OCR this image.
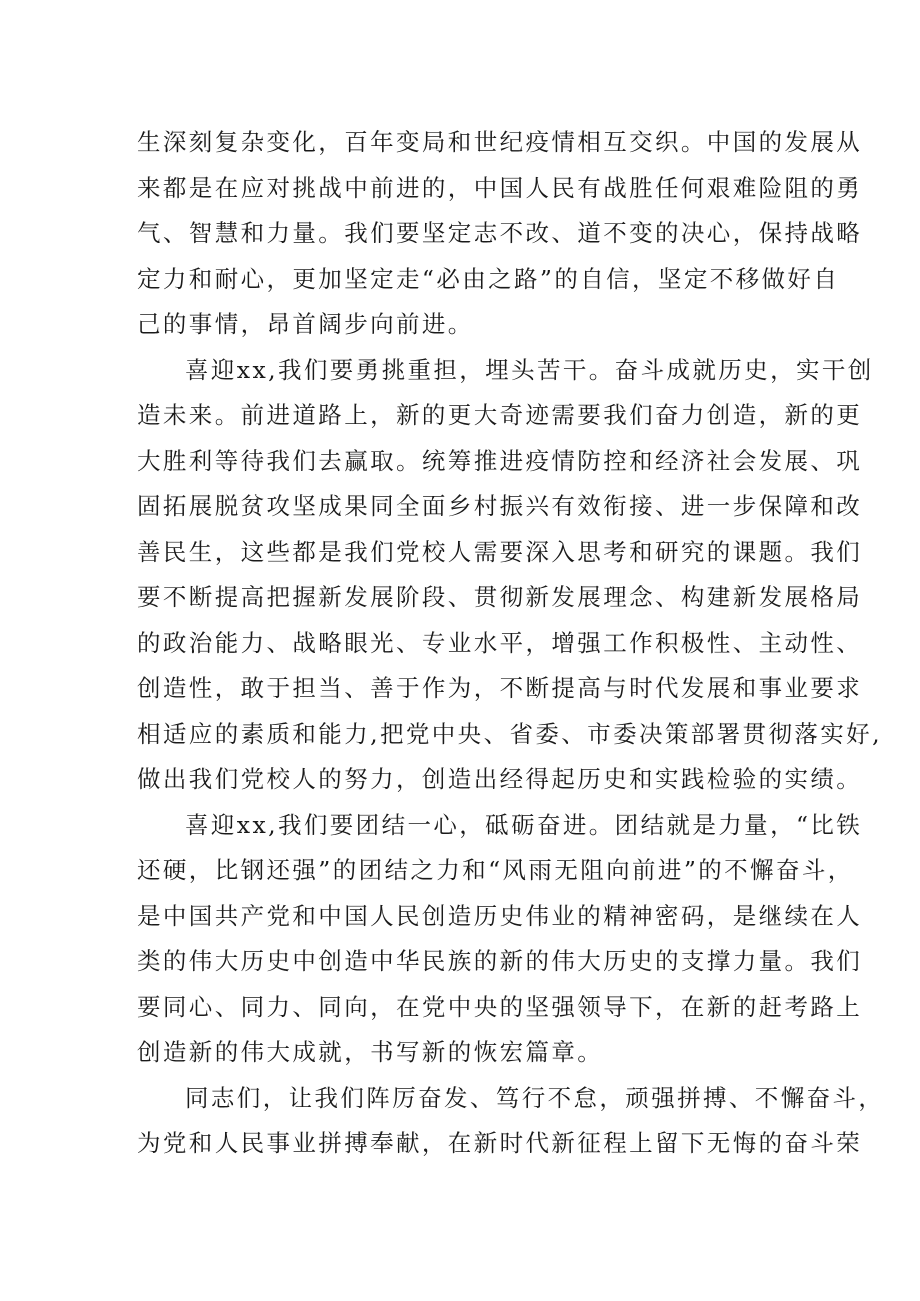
生深刻复杂变化，百年变局和世纪疫情相互交织。中国的发展从
来都是在应对挑战中前进的，中国人民有战胜任何艰难险阻的勇
气、智慧和力量。我们要坚定志不改、道不变的决心，保持战略
定力和耐心，更加坚定走“必由之路”的自信，坚定不移做好自
己的事情，昂首阔步向前进。
喜迎xx,我们要勇挑重担，埋头苦干。奋斗成就历史，实干创
造未来。前进道路上，新的更大奇迹需要我们奋力创造，新的更
大胜利等待我们去赢取。统筹推进疫情防控和经济社会发展、巩
固拓展脱贫攻坚成果同全面乡村振兴有效衔接、进一步保障和改
善民生，这些都是我们党校人需要深入思考和研究的课题。我们
要不断提高把握新发展阶段、贯彻新发展理念、构建新发展格局
的政治能力、战略眼光、专业水平，增强工作积极性、主动性、
创造性，敢于担当、善于作为，不断提高与时代发展和事业要求
相适应的素质和能力,把党中央、省委、市委决策部署贯彻落实好,
做出我们党校人的努力，创造出经得起历史和实践检验的实绩。
喜迎xx,我们要团结一心，砥砺奋进。团结就是力量，“比铁
还硬，比钢还强”的团结之力和“风雨无阻向前进”的不懈奋斗，
是中国共产党和中国人民创造历史伟业的精神密码，是继续在人
类的伟大历史中创造中华民族的新的伟大历史的支撑力量。我们
要同心、同力、同向，在党中央的坚强领导下，在新的赶考路上
创造新的伟大成就，书写新的恢宏篇章。
同志们，让我们阵厉奋发、笃行不怠，顽强拼搏、不懈奋斗，
为党和人民事业拼搏奉献，在新时代新征程上留下无悔的奋斗荣
